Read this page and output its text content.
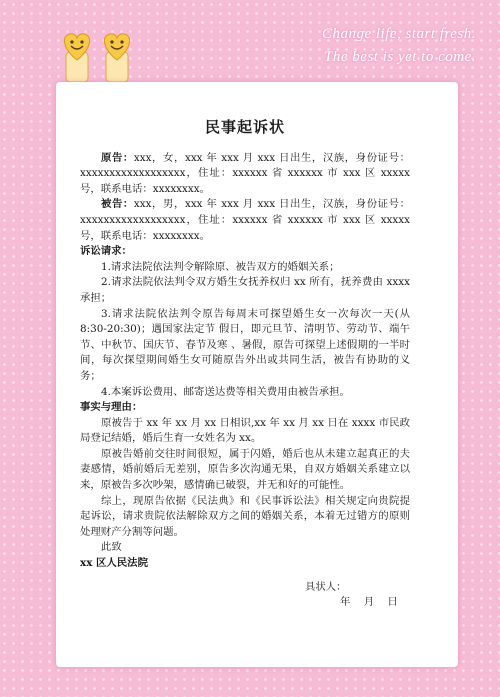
Change life, start fresh.
The best is yet to come.
民事起诉状

原告：xxx，女，xxx 年 xxx 月 xxx 日出生，汉族，身份证号：xxxxxxxxxxxxxxxxxx，住址：xxxxxx 省 xxxxxx 市 xxx 区 xxxxx 号，联系电话：xxxxxxxx。

被告：xxx，男，xxx 年 xxx 月 xxx 日出生，汉族，身份证号：xxxxxxxxxxxxxxxxxx，住址：xxxxxx 省 xxxxxx 市 xxx 区 xxxxx 号，联系电话：xxxxxxxx。

诉讼请求：

1.请求法院依法判令解除原、被告双方的婚姻关系；

2.请求法院依法判令双方婚生女抚养权归 xx 所有，抚养费由 xxxx 承担；

3.请求法院依法判令原告每周末可探望婚生女一次每次一天(从 8:30-20:30)；遇国家法定节 假日，即元旦节、清明节、劳动节、端午节、中秋节、国庆节、春节及寒 、暑假，原告可探望上述假期的一半时间，每次探望期间婚生女可随原告外出或共同生活，被告有协助的义务；

4.本案诉讼费用、邮寄送达费等相关费用由被告承担。

事实与理由：

原被告于 xx 年 xx 月 xx 日相识,xx 年 xx 月 xx 日在 xxxx 市民政局登记结婚，婚后生育一女姓名为 xx。

原被告婚前交往时间很短，属于闪婚，婚后也从未建立起真正的夫妻感情，婚前婚后无差别，原告多次沟通无果，自双方婚姻关系建立以来，原被告多次吵架，感情确已破裂，并无和好的可能性。

综上，现原告依据《民法典》和《民事诉讼法》相关规定向贵院提起诉讼，请求贵院依法解除双方之间的婚姻关系，本着无过错方的原则处理财产分割等问题。

此致

xx 区人民法院

具状人：

年 月 日
